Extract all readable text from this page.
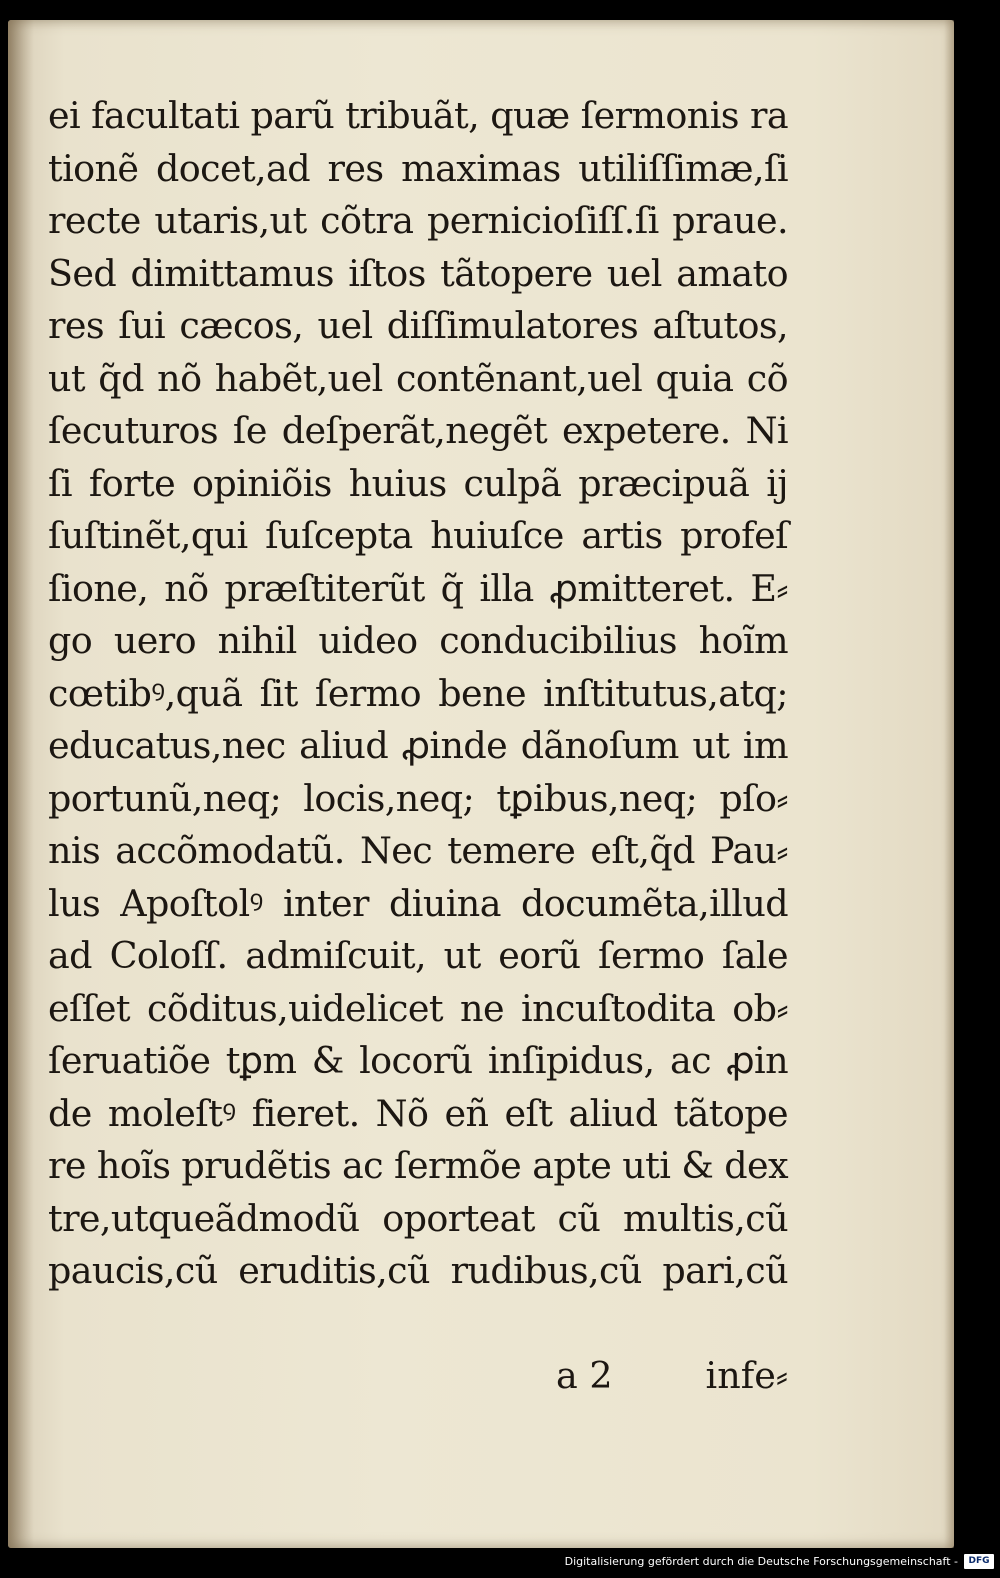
ei facultati parũ tribuãt, quæ ſermonis ra
tionẽ docet,ad res maximas utiliſſimæ,ſi
recte utaris,ut cõtra pernicioſiſſ.ſi praue.
Sed dimittamus iſtos tãtopere uel amato
res ſui cæcos, uel diſſimulatores aſtutos,
ut q̃d nõ habẽt,uel contẽnant,uel quia cõ
ſecuturos ſe deſperãt,negẽt expetere. Ni
ſi forte opiniõis huius culpã præcipuã ij
ſuſtinẽt,qui ſuſcepta huiuſce artis profeſ
ſione, nõ præſtiterũt q̃ illa ꝓmitteret. E⸗
go uero nihil uideo conducibilius hoĩm
cœtibꝰ,quã ſit ſermo bene inſtitutus,atq;
educatus,nec aliud ꝓinde dãnoſum ut im
portunũ,neq; locis,neq; tꝑibus,neq; pſo⸗
nis accõmodatũ. Nec temere eſt,q̃d Pau⸗
lus Apoſtolꝰ inter diuina documẽta,illud
ad Coloſſ. admiſcuit, ut eorũ ſermo ſale
eſſet cõditus,uidelicet ne incuſtodita ob⸗
ſeruatiõe tꝑm & locorũ inſipidus, ac ꝓin
de moleſtꝰ fieret. Nõ eñ eſt aliud tãtope
re hoĩs prudẽtis ac ſermõe apte uti & dex
tre,utqueãdmodũ oporteat cũ multis,cũ
paucis,cũ eruditis,cũ rudibus,cũ pari,cũ
a 2	infe⸗
Digitalisierung gefördert durch die Deutsche Forschungsgemeinschaft -	DFG
